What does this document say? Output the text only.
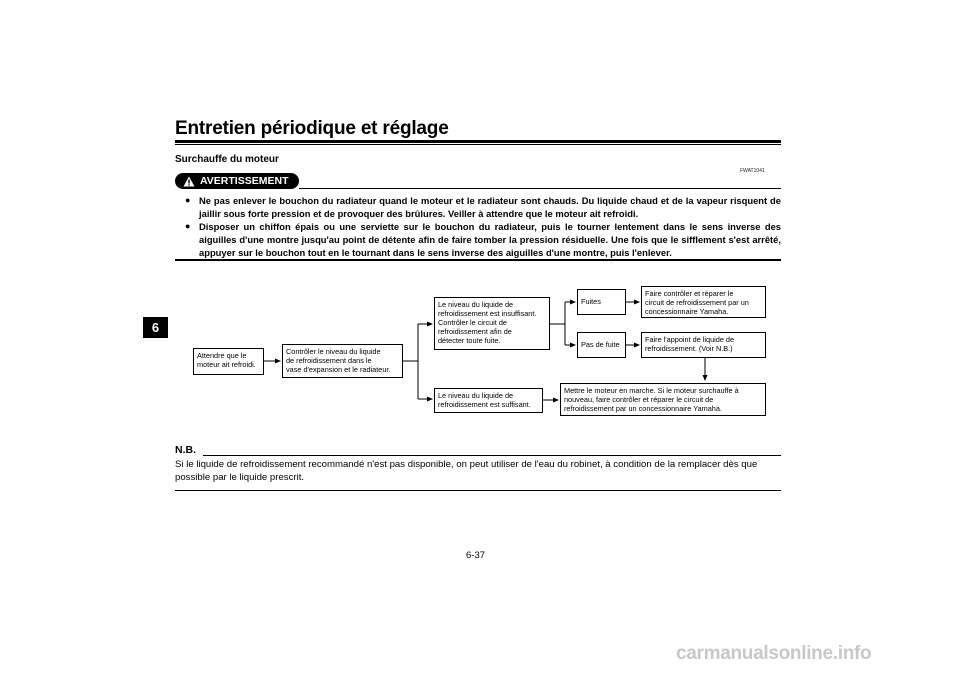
Entretien périodique et réglage
6
Surchauffe du moteur
FWAT1041
AVERTISSEMENT
● Ne pas enlever le bouchon du radiateur quand le moteur et le radiateur sont chauds. Du liquide chaud et de la vapeur risquent de jaillir sous forte pression et de provoquer des brûlures. Veiller à attendre que le moteur ait refroidi.
● Disposer un chiffon épais ou une serviette sur le bouchon du radiateur, puis le tourner lentement dans le sens inverse des aiguilles d'une montre jusqu'au point de détente afin de faire tomber la pression résiduelle. Une fois que le sifflement s'est arrêté, appuyer sur le bouchon tout en le tournant dans le sens inverse des aiguilles d'une montre, puis l'enlever.
Attendre que le
moteur ait refroidi.
Contrôler le niveau du liquide
de refroidissement dans le
vase d'expansion et le radiateur.
Le niveau du liquide de
refroidissement est insuffisant.
Contrôler le circuit de
refroidissement afin de
détecter toute fuite.
Le niveau du liquide de
refroidissement est suffisant.
Fuites
Pas de fuite
Faire contrôler et réparer le
circuit de refroidissement par un
concessionnaire Yamaha.
Faire l'appoint de liquide de
refroidissement. (Voir N.B.)
Mettre le moteur en marche. Si le moteur surchauffe à
nouveau, faire contrôler et réparer le circuit de
refroidissement par un concessionnaire Yamaha.
N.B.
Si le liquide de refroidissement recommandé n'est pas disponible, on peut utiliser de l'eau du robinet, à condition de la remplacer dès que possible par le liquide prescrit.
6-37
carmanualsonline.info
